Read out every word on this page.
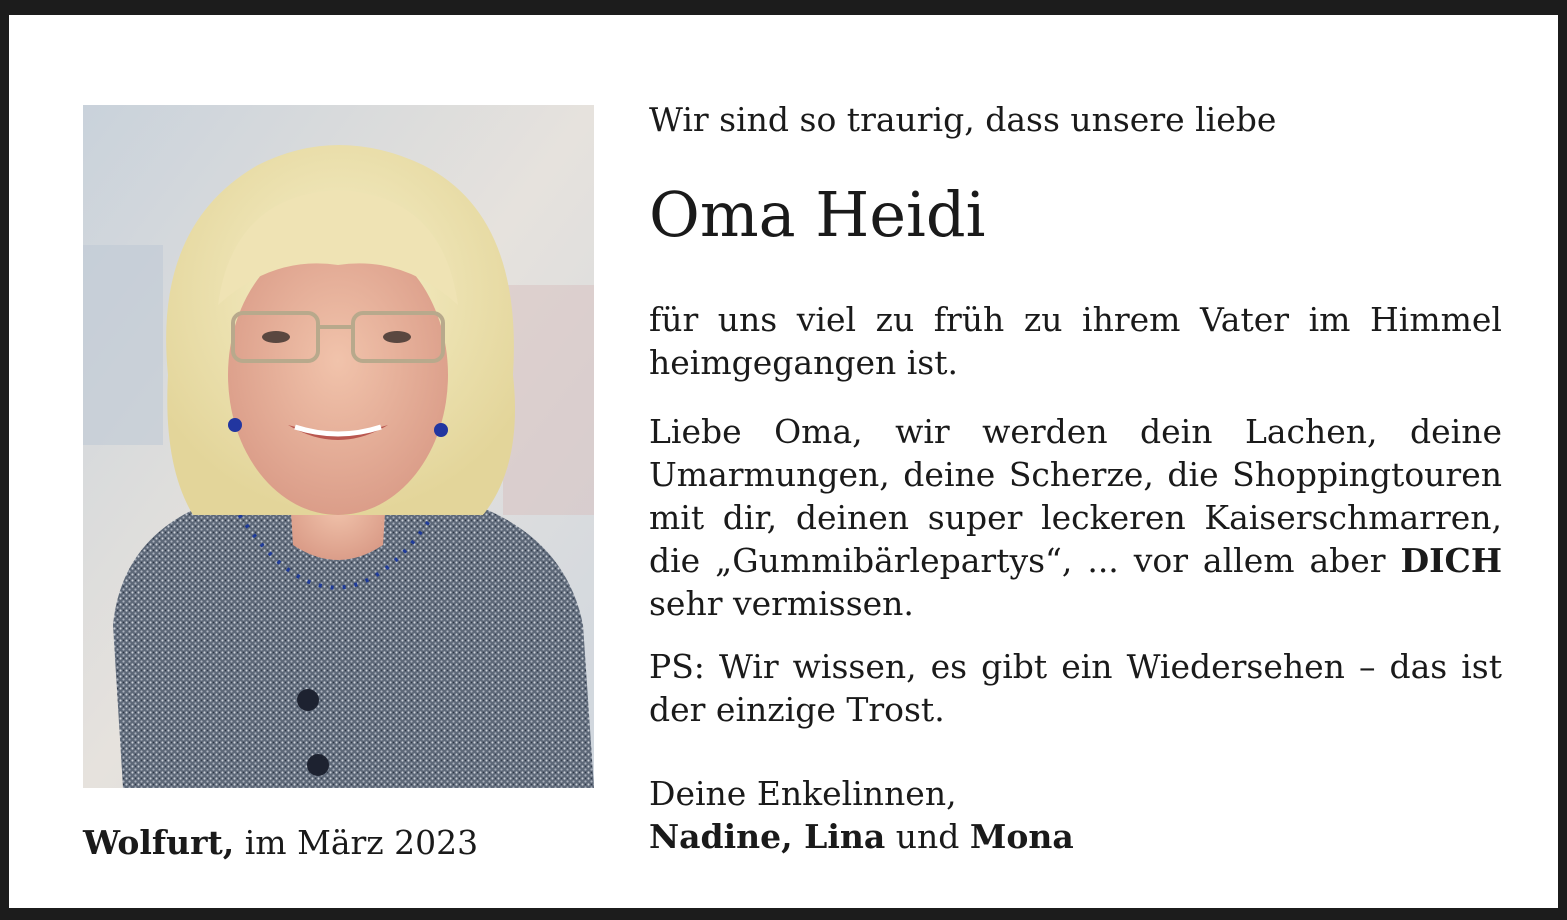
Wolfurt, im März 2023
Wir sind so traurig, dass unsere liebe
Oma Heidi
für uns viel zu früh zu ihrem Vater im Himmel heimgegangen ist.
Liebe Oma, wir werden dein Lachen, deine Umarmungen, deine Scherze, die Shoppingtouren mit dir, deinen super leckeren Kaiserschmarren, die „Gummibärlepartys“, ... vor allem aber DICH sehr vermissen.
PS: Wir wissen, es gibt ein Wiedersehen – das ist der einzige Trost.
Deine Enkelinnen,
Nadine, Lina und Mona
